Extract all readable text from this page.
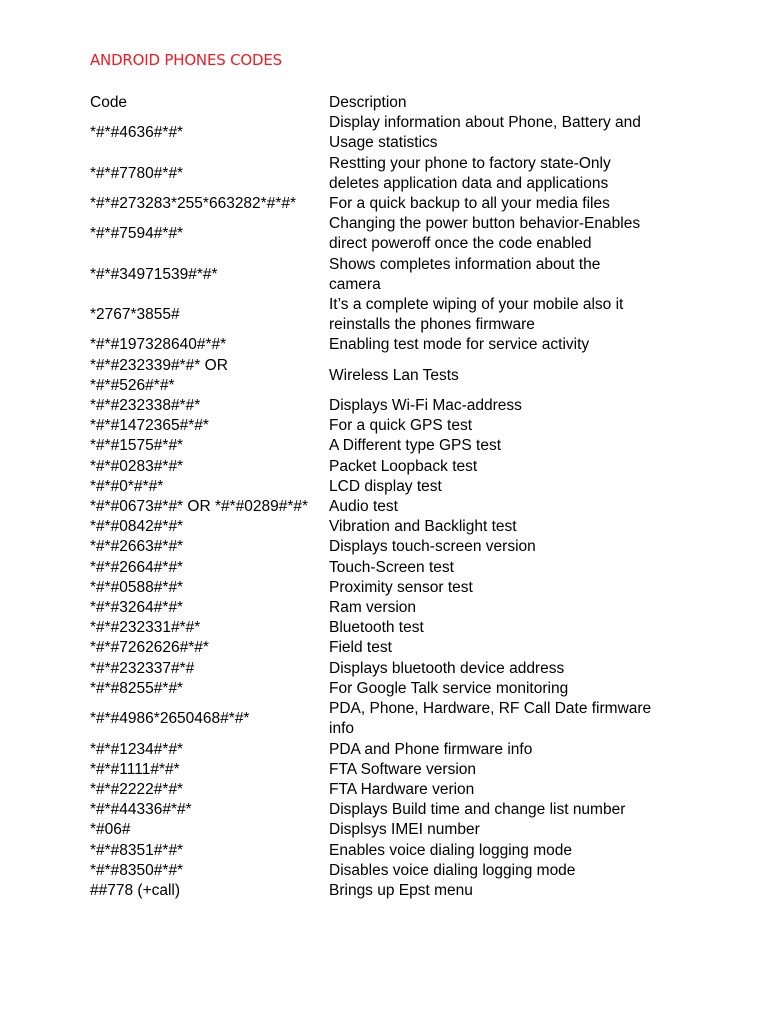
ANDROID PHONES CODES
Code	Description
*#*#4636#*#*	Display information about Phone, Battery and
Usage statistics
*#*#7780#*#*	Restting your phone to factory state-Only
deletes application data and applications
*#*#273283*255*663282*#*#*	For a quick backup to all your media files
*#*#7594#*#*	Changing the power button behavior-Enables
direct poweroff once the code enabled
*#*#34971539#*#*	Shows completes information about the
camera
*2767*3855#	It’s a complete wiping of your mobile also it
reinstalls the phones firmware
*#*#197328640#*#*	Enabling test mode for service activity
*#*#232339#*#* OR
*#*#526#*#*	Wireless Lan Tests
*#*#232338#*#*	Displays Wi-Fi Mac-address
*#*#1472365#*#*	For a quick GPS test
*#*#1575#*#*	A Different type GPS test
*#*#0283#*#*	Packet Loopback test
*#*#0*#*#*	LCD display test
*#*#0673#*#* OR *#*#0289#*#*	Audio test
*#*#0842#*#*	Vibration and Backlight test
*#*#2663#*#*	Displays touch-screen version
*#*#2664#*#*	Touch-Screen test
*#*#0588#*#*	Proximity sensor test
*#*#3264#*#*	Ram version
*#*#232331#*#*	Bluetooth test
*#*#7262626#*#*	Field test
*#*#232337#*#	Displays bluetooth device address
*#*#8255#*#*	For Google Talk service monitoring
*#*#4986*2650468#*#*	PDA, Phone, Hardware, RF Call Date firmware
info
*#*#1234#*#*	PDA and Phone firmware info
*#*#1111#*#*	FTA Software version
*#*#2222#*#*	FTA Hardware verion
*#*#44336#*#*	Displays Build time and change list number
*#06#	Displsys IMEI number
*#*#8351#*#*	Enables voice dialing logging mode
*#*#8350#*#*	Disables voice dialing logging mode
##778 (+call)	Brings up Epst menu
